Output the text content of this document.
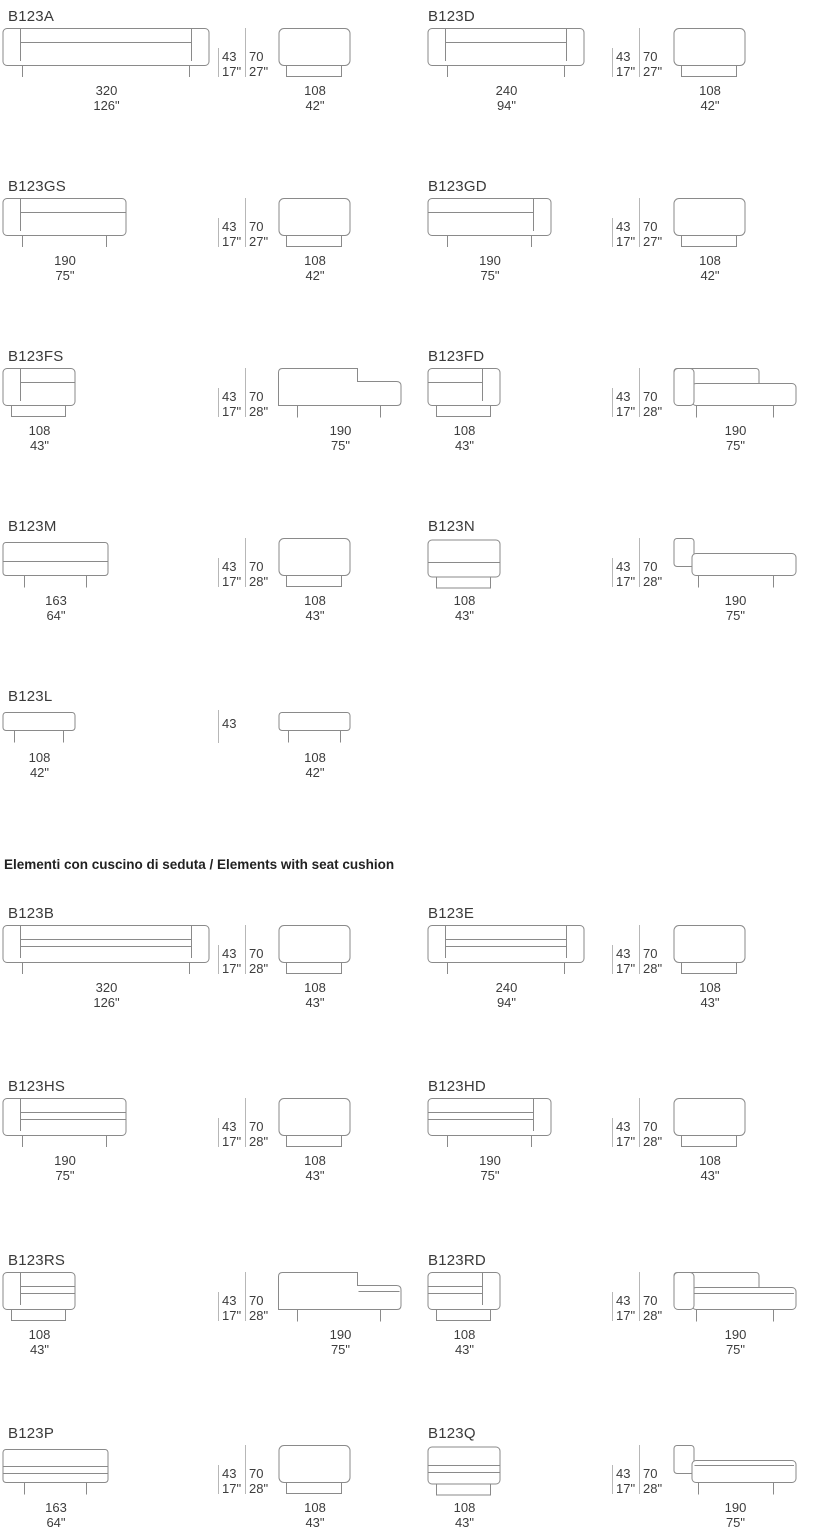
Elementi con cuscino di seduta / Elements with seat cushion
B123A
320
126"
43
17"
70
27"
108
42"
B123D
240
94"
43
17"
70
27"
108
42"
B123GS
190
75"
43
17"
70
27"
108
42"
B123GD
190
75"
43
17"
70
27"
108
42"
B123FS
108
43"
43
17"
70
28"
190
75"
B123FD
108
43"
43
17"
70
28"
190
75"
B123M
163
64"
43
17"
70
28"
108
43"
B123N
108
43"
43
17"
70
28"
190
75"
B123L
108
42"
43
108
42"
B123B
320
126"
43
17"
70
28"
108
43"
B123E
240
94"
43
17"
70
28"
108
43"
B123HS
190
75"
43
17"
70
28"
108
43"
B123HD
190
75"
43
17"
70
28"
108
43"
B123RS
108
43"
43
17"
70
28"
190
75"
B123RD
108
43"
43
17"
70
28"
190
75"
B123P
163
64"
43
17"
70
28"
108
43"
B123Q
108
43"
43
17"
70
28"
190
75"
